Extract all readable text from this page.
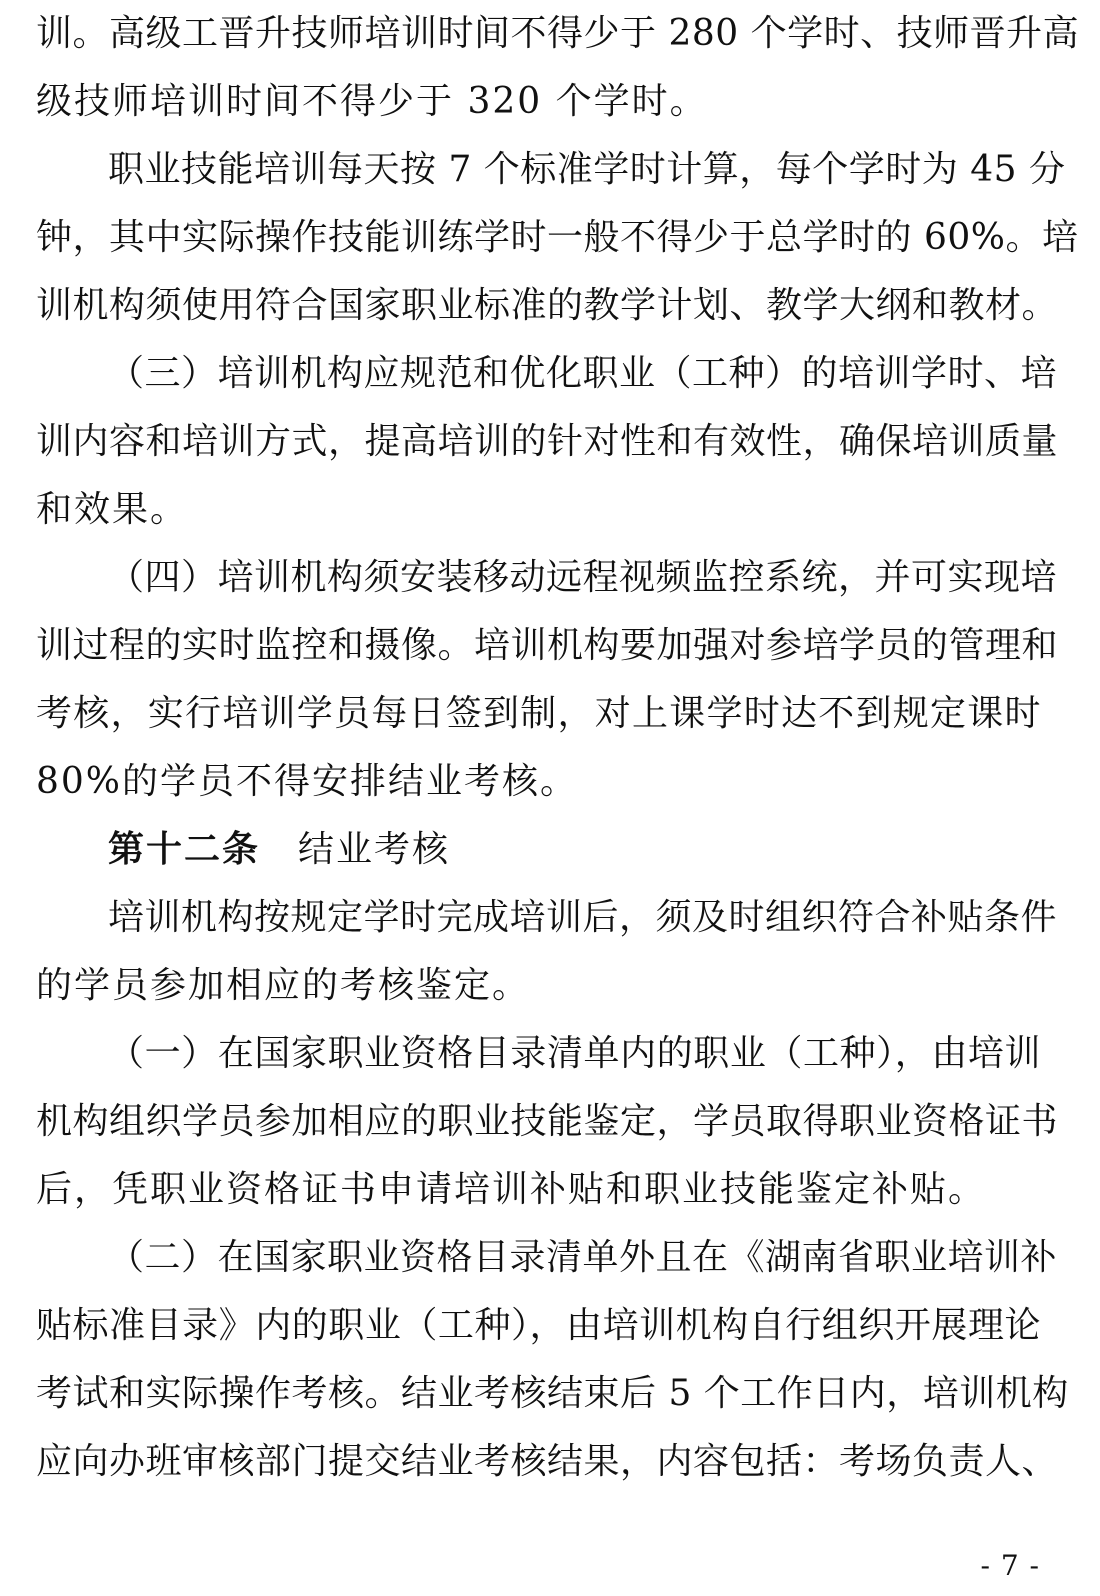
训。高级工晋升技师培训时间不得少于 280 个学时、技师晋升高
级技师培训时间不得少于 320 个学时。
职业技能培训每天按 7 个标准学时计算，每个学时为 45 分
钟，其中实际操作技能训练学时一般不得少于总学时的 60%。培
训机构须使用符合国家职业标准的教学计划、教学大纲和教材。
（三）培训机构应规范和优化职业（工种）的培训学时、培
训内容和培训方式，提高培训的针对性和有效性，确保培训质量
和效果。
（四）培训机构须安装移动远程视频监控系统，并可实现培
训过程的实时监控和摄像。培训机构要加强对参培学员的管理和
考核，实行培训学员每日签到制，对上课学时达不到规定课时
80%的学员不得安排结业考核。
第十二条 结业考核
培训机构按规定学时完成培训后，须及时组织符合补贴条件
的学员参加相应的考核鉴定。
（一）在国家职业资格目录清单内的职业（工种），由培训
机构组织学员参加相应的职业技能鉴定，学员取得职业资格证书
后，凭职业资格证书申请培训补贴和职业技能鉴定补贴。
（二）在国家职业资格目录清单外且在《湖南省职业培训补
贴标准目录》内的职业（工种），由培训机构自行组织开展理论
考试和实际操作考核。结业考核结束后 5 个工作日内，培训机构
应向办班审核部门提交结业考核结果，内容包括：考场负责人、
- 7 -
